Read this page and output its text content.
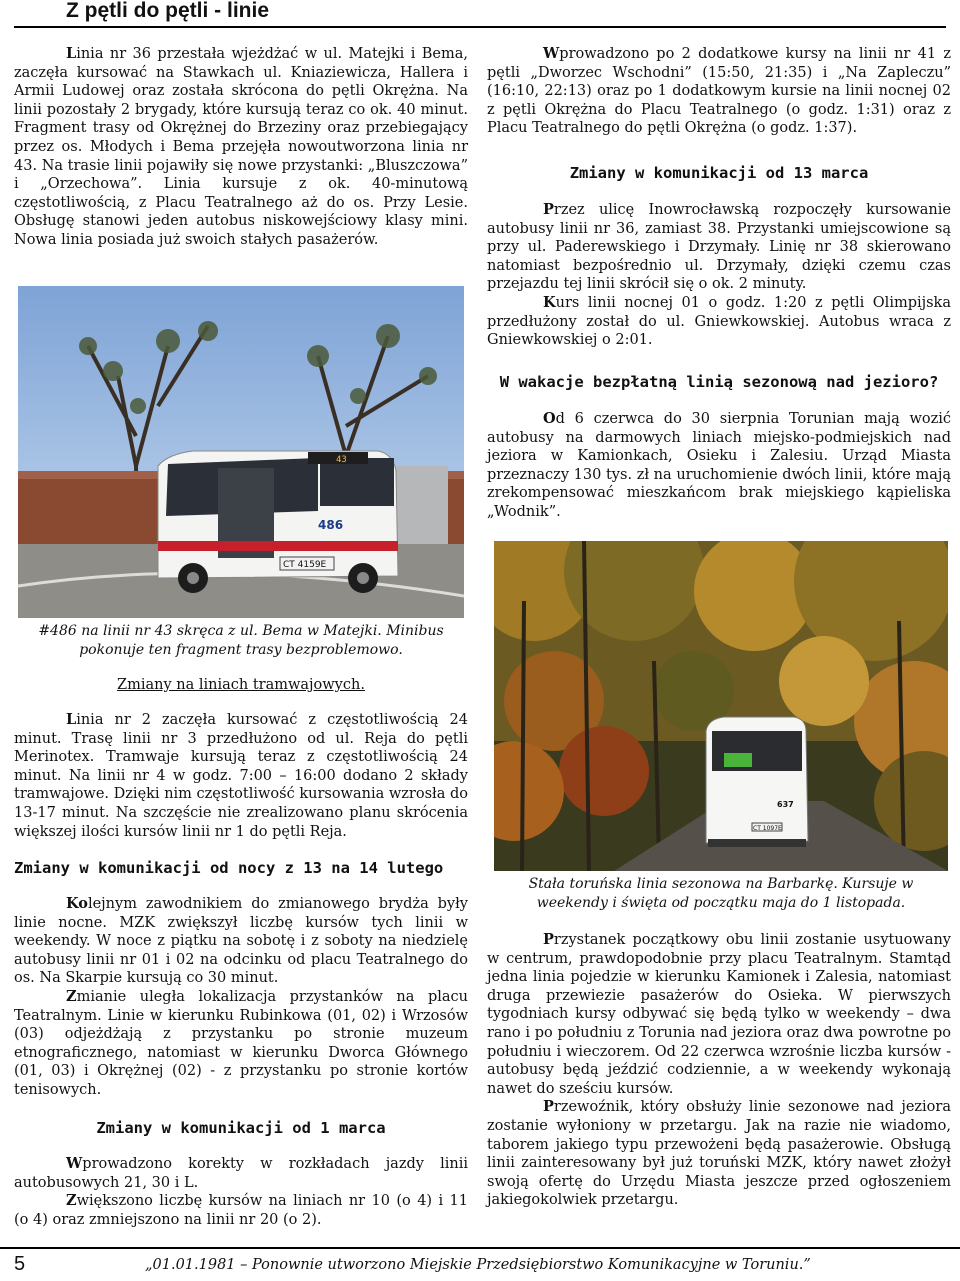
Z pętli do pętli - linie

Linia nr 36 przestała wjeżdżać w ul. Matejki i Bema, zaczęła kursować na Stawkach ul. Kniaziewicza, Hallera i Armii Ludowej oraz została skrócona do pętli Okrężna. Na linii pozostały 2 brygady, które kursują teraz co ok. 40 minut. Fragment trasy od Okrężnej do Brzeziny oraz przebiegający przez os. Młodych i Bema przejęła nowoutworzona linia nr 43. Na trasie linii pojawiły się nowe przystanki: „Bluszczowa” i „Orzechowa”. Linia kursuje z ok. 40-minutową częstotliwością, z Placu Teatralnego aż do os. Przy Lesie. Obsługę stanowi jeden autobus niskowejściowy klasy mini. Nowa linia posiada już swoich stałych pasażerów.

43
CT 4159E
486
#486 na linii nr 43 skręca z ul. Bema w Matejki. Minibus pokonuje ten fragment trasy bezproblemowo.
Zmiany na liniach tramwajowych.

Linia nr 2 zaczęła kursować z częstotliwością 24 minut. Trasę linii nr 3 przedłużono od ul. Reja do pętli Merinotex. Tramwaje kursują teraz z częstotliwością 24 minut. Na linii nr 4 w godz. 7:00 – 16:00 dodano 2 składy tramwajowe. Dzięki nim częstotliwość kursowania wzrosła do 13-17 minut. Na szczęście nie zrealizowano planu skrócenia większej ilości kursów linii nr 1 do pętli Reja.

Zmiany w komunikacji od nocy z 13 na 14 lutego

Kolejnym zawodnikiem do zmianowego brydża były linie nocne. MZK zwiększył liczbę kursów tych linii w weekendy. W noce z piątku na sobotę i z soboty na niedzielę autobusy linii nr 01 i 02 na odcinku od placu Teatralnego do os. Na Skarpie kursują co 30 minut.

Zmianie uległa lokalizacja przystanków na placu Teatralnym. Linie w kierunku Rubinkowa (01, 02) i Wrzosów (03) odjeżdżają z przystanku po stronie muzeum etnograficznego, natomiast w kierunku Dworca Głównego (01, 03) i Okrężnej (02) - z przystanku po stronie kortów tenisowych.

Zmiany w komunikacji od 1 marca

Wprowadzono korekty w rozkładach jazdy linii autobusowych 21, 30 i L.

Zwiększono liczbę kursów na liniach nr 10 (o 4) i 11 (o 4) oraz zmniejszono na linii nr 20 (o 2).

Wprowadzono po 2 dodatkowe kursy na linii nr 41 z pętli „Dworzec Wschodni” (15:50, 21:35) i „Na Zapleczu” (16:10, 22:13) oraz po 1 dodatkowym kursie na linii nocnej 02 z pętli Okrężna do Placu Teatralnego (o godz. 1:31) oraz z Placu Teatralnego do pętli Okrężna (o godz. 1:37).

Zmiany w komunikacji od 13 marca

Przez ulicę Inowrocławską rozpoczęły kursowanie autobusy linii nr 36, zamiast 38. Przystanki umiejscowione są przy ul. Paderewskiego i Drzymały. Linię nr 38 skierowano natomiast bezpośrednio ul. Drzymały, dzięki czemu czas przejazdu tej linii skrócił się o ok. 2 minuty.

Kurs linii nocnej 01 o godz. 1:20 z pętli Olimpijska przedłużony został do ul. Gniewkowskiej. Autobus wraca z Gniewkowskiej o 2:01.

W wakacje bezpłatną linią sezonową nad jezioro?

Od 6 czerwca do 30 sierpnia Torunian mają wozić autobusy na darmowych liniach miejsko-podmiejskich nad jeziora w Kamionkach, Osieku i Zalesiu. Urząd Miasta przeznaczy 130 tys. zł na uruchomienie dwóch linii, które mają zrekompensować mieszkańcom brak miejskiego kąpieliska „Wodnik”.

CT 1097E
637
Stała toruńska linia sezonowa na Barbarkę. Kursuje w weekendy i święta od początku maja do 1 listopada.

Przystanek początkowy obu linii zostanie usytuowany w centrum, prawdopodobnie przy placu Teatralnym. Stamtąd jedna linia pojedzie w kierunku Kamionek i Zalesia, natomiast druga przewiezie pasażerów do Osieka. W pierwszych tygodniach kursy odbywać się będą tylko w weekendy – dwa rano i po południu z Torunia nad jeziora oraz dwa powrotne po południu i wieczorem. Od 22 czerwca wzrośnie liczba kursów - autobusy będą jeździć codziennie, a w weekendy wykonają nawet do sześciu kursów.

Przewoźnik, który obsłuży linie sezonowe nad jeziora zostanie wyłoniony w przetargu. Jak na razie nie wiadomo, taborem jakiego typu przewożeni będą pasażerowie. Obsługą linii zainteresowany był już toruński MZK, który nawet złożył swoją ofertę do Urzędu Miasta jeszcze przed ogłoszeniem jakiegokolwiek przetargu.

5	„01.01.1981 – Ponownie utworzono Miejskie Przedsiębiorstwo Komunikacyjne w Toruniu.”
